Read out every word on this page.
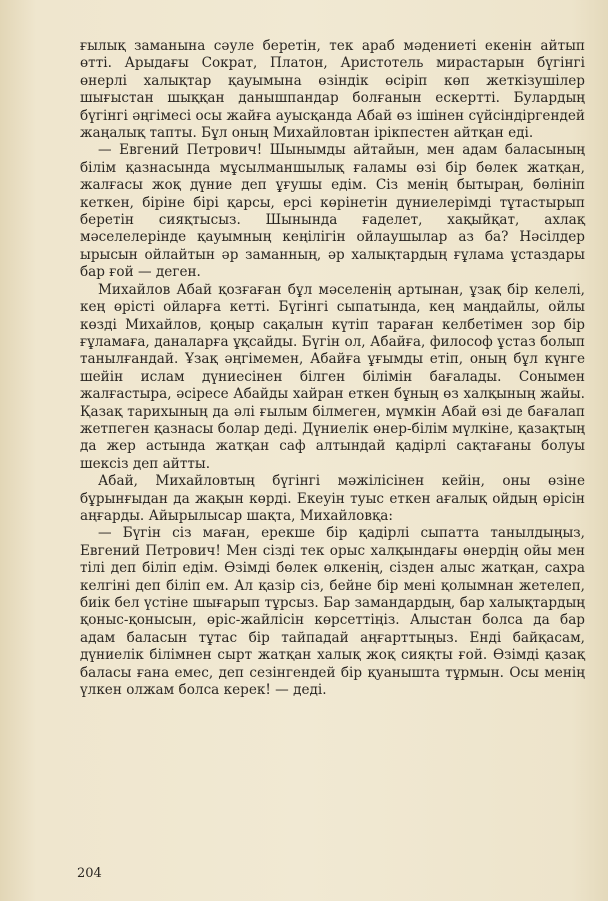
ғылық заманына сәуле беретін, тек араб мәдениеті екенін айтып өтті. Арыдағы Сократ, Платон, Аристотель мирастарын бүгінгі өнерлі халықтар қауымына өзіндік өсіріп көп жеткізушілер шығыстан шыққан данышпандар болғанын ескертті. Булардың бүгінгі әңгімесі осы жайға ауысқанда Абай өз ішінен сүйсіндіргендей жаңалық тапты. Бұл оның Михайловтан ірікпестен айтқан еді.

— Евгений Петрович! Шынымды айтайын, мен адам баласының білім қазнасында мұсылманшылық ғаламы өзі бір бөлек жатқан, жалғасы жоқ дүние деп ұғушы едім. Сіз менің бытыраң, бөлініп кеткен, біріне бірі қарсы, ерсі көрінетін дүниелерімді тұтастырып беретін сияқтысыз. Шынында ғаделет, хақыйқат, ахлақ мәселелерінде қауымның кеңілігін ойлаушылар аз ба? Нәсілдер ырысын ойлайтын әр заманның, әр халықтардың ғұлама ұстаздары бар ғой — деген.

Михайлов Абай қозғаған бұл мәселенің артынан, ұзақ бір келелі, кең өрісті ойларға кетті. Бүгінгі сыпатында, кең маңдайлы, ойлы көзді Михайлов, қоңыр сақалын күтіп тараған келбетімен зор бір ғұламаға, даналарға ұқсайды. Бүгін ол, Абайға, философ ұстаз болып танылғандай. Ұзақ әңгімемен, Абайға ұғымды етіп, оның бұл күнге шейін ислам дүниесінен білген білімін бағалады. Сонымен жалғастыра, әсіресе Абайды хайран еткен бұның өз халқының жайы. Қазақ тарихының да әлі ғылым білмеген, мүмкін Абай өзі де бағалап жетпеген қазнасы болар деді. Дүниелік өнер-білім мүлкіне, қазақтың да жер астында жатқан саф алтындай қадірлі сақтағаны болуы шексіз деп айтты.

Абай, Михайловтың бүгінгі мәжілісінен кейін, оны өзіне бұрынғыдан да жақын көрді. Екеуін туыс еткен ағалық ойдың өрісін аңғарды. Айырылысар шақта, Михайловқа:

— Бүгін сіз маған, ерекше бір қадірлі сыпатта танылдыңыз, Евгений Петрович! Мен сізді тек орыс халқындағы өнердің ойы мен тілі деп біліп едім. Өзімді бөлек өлкенің, сізден алыс жатқан, сахра келгіні деп біліп ем. Ал қазір сіз, бейне бір мені қолымнан жетелеп, биік бел үстіне шығарып тұрсыз. Бар замандардың, бар халықтардың қоныс-қонысын, өріс-жайлісін көрсеттіңіз. Алыстан болса да бар адам баласын тұтас бір тайпадай аңғарттыңыз. Енді байқасам, дүниелік білімнен сырт жатқан халық жоқ сияқты ғой. Өзімді қазақ баласы ғана емес, деп сезінгендей бір қуанышта тұрмын. Осы менің үлкен олжам болса керек! — деді.

204
